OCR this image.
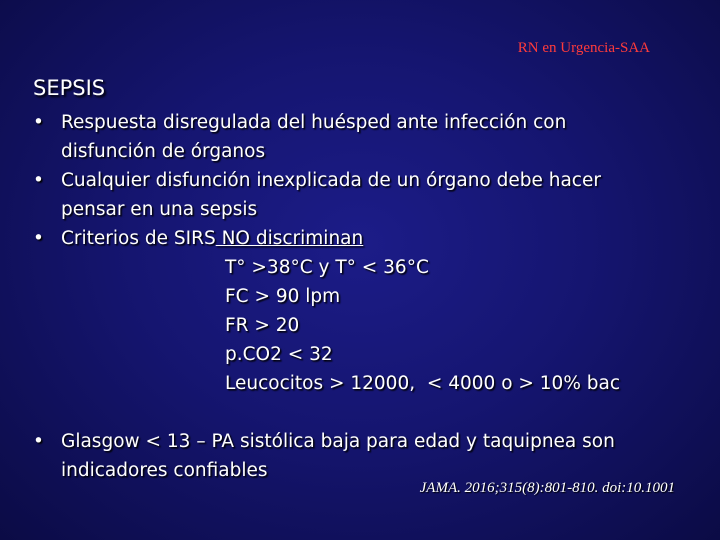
RN en Urgencia-SAA
SEPSIS
• Respuesta disregulada del huésped ante infección con
disfunción de órganos
• Cualquier disfunción inexplicada de un órgano debe hacer
pensar en una sepsis
• Criterios de SIRS NO discriminan
T° >38°C y T° < 36°C
FC > 90 lpm
FR > 20
p.CO2 < 32
Leucocitos > 12000,  < 4000 o > 10% bac
• Glasgow < 13 – PA sistólica baja para edad y taquipnea son
indicadores confiables
JAMA. 2016;315(8):801-810. doi:10.1001
